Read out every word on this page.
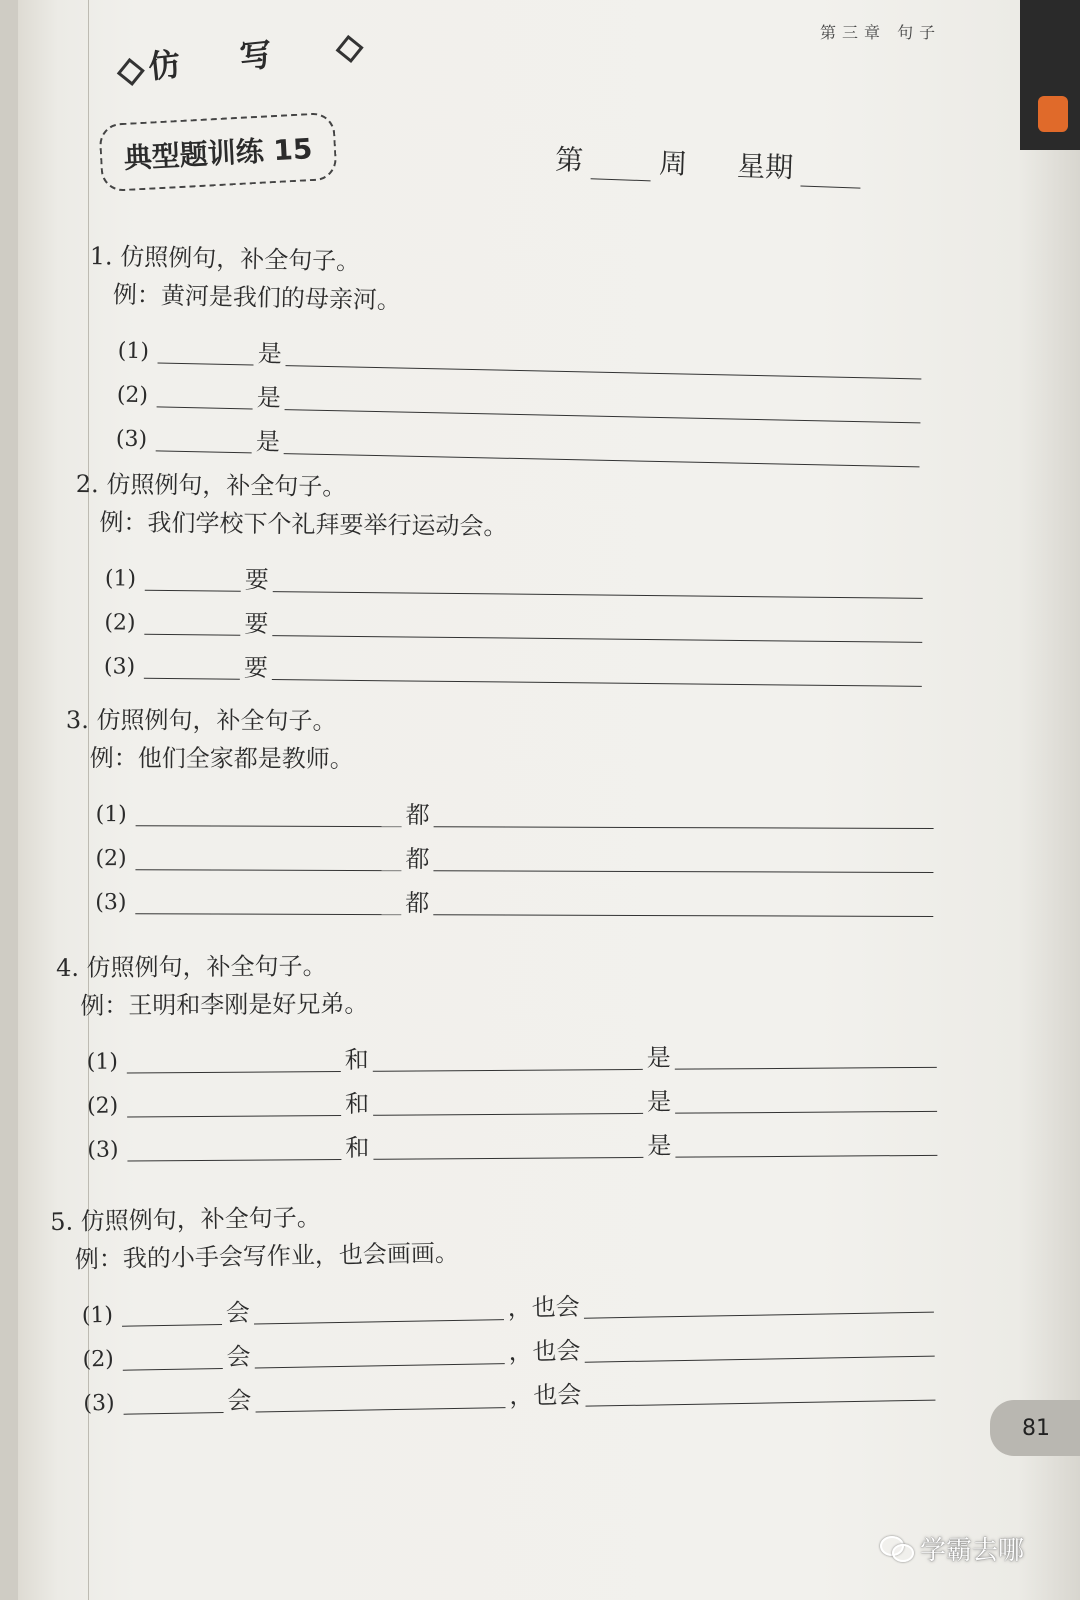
第三章 句子
仿写
典型题训练 15	第	周 星期
1. 仿照例句，补全句子。
例：黄河是我们的母亲河。
(1)	是
(2)	是
(3)	是
2. 仿照例句，补全句子。
例：我们学校下个礼拜要举行运动会。
(1)	要
(2)	要
(3)	要
3. 仿照例句，补全句子。
例：他们全家都是教师。
(1)	都
(2)	都
(3)	都
4. 仿照例句，补全句子。
例：王明和李刚是好兄弟。
(1)	和	是
(2)	和	是
(3)	和	是
5. 仿照例句，补全句子。
例：我的小手会写作业，也会画画。
(1)	会	，也会
(2)	会	，也会
(3)	会	，也会
81
学霸去哪
